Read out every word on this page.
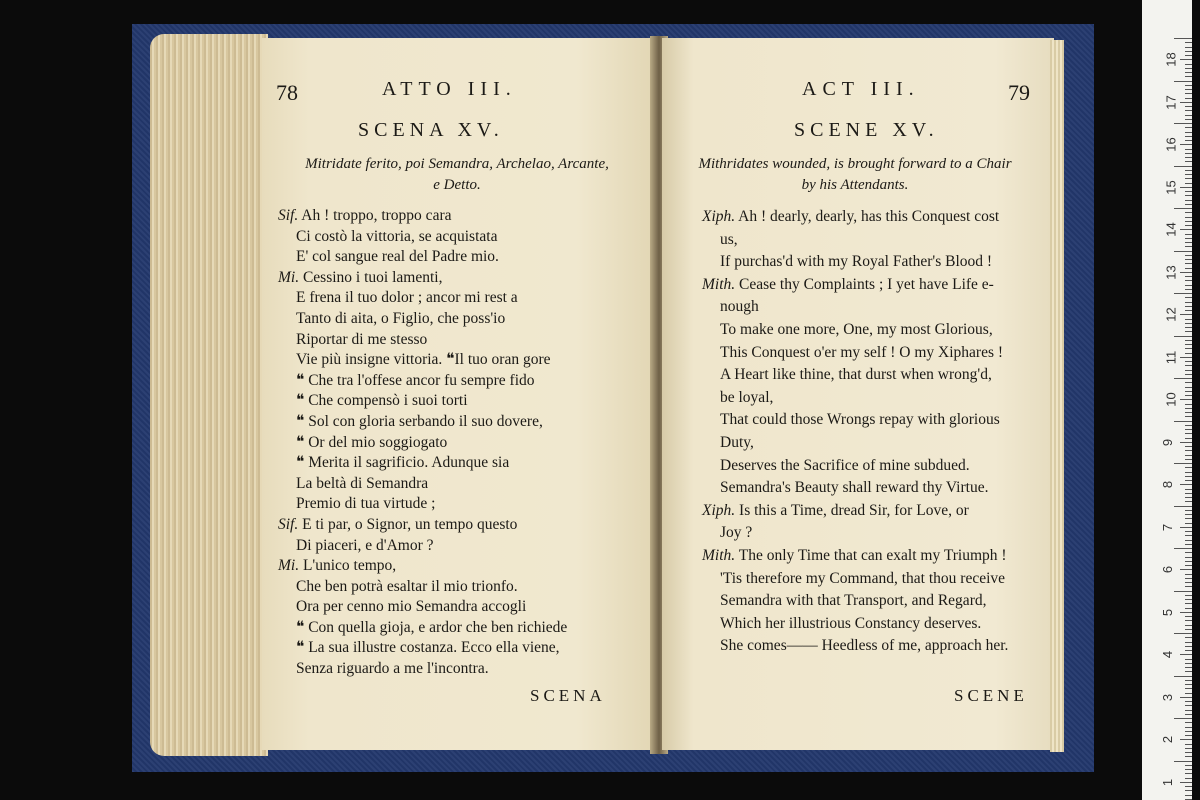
78	ATTO III.
SCENA XV.
Mitridate ferito, poi Semandra, Archelao, Arcante,
e Detto.
Sif. Ah ! troppo, troppo cara
Ci costò la vittoria, se acquistata
E' col sangue real del Padre mio.
Mi. Cessino i tuoi lamenti,
E frena il tuo dolor ; ancor mi rest a
Tanto di aita, o Figlio, che poss'io
Riportar di me stesso
Vie più insigne vittoria. ❝Il tuo oran gore
❝ Che tra l'offese ancor fu sempre fido
❝ Che compensò i suoi torti
❝ Sol con gloria serbando il suo dovere,
❝ Or del mio soggiogato
❝ Merita il sagrificio. Adunque sia
La beltà di Semandra
Premio di tua virtude ;
Sif. E ti par, o Signor, un tempo questo
Di piaceri, e d'Amor ?
Mi. L'unico tempo,
Che ben potrà esaltar il mio trionfo.
Ora per cenno mio Semandra accogli
❝ Con quella gioja, e ardor che ben richiede
❝ La sua illustre costanza. Ecco ella viene,
Senza riguardo a me l'incontra.
SCENA
ACT III.	79
SCENE XV.
Mithridates wounded, is brought forward to a Chair
by his Attendants.
Xiph. Ah ! dearly, dearly, has this Conquest cost
us,
If purchas'd with my Royal Father's Blood !
Mith. Cease thy Complaints ; I yet have Life e-
nough
To make one more, One, my most Glorious,
This Conquest o'er my self ! O my Xiphares !
A Heart like thine, that durst when wrong'd,
be loyal,
That could those Wrongs repay with glorious
Duty,
Deserves the Sacrifice of mine subdued.
Semandra's Beauty shall reward thy Virtue.
Xiph. Is this a Time, dread Sir, for Love, or
Joy ?
Mith. The only Time that can exalt my Triumph !
'Tis therefore my Command, that thou receive
Semandra with that Transport, and Regard,
Which her illustrious Constancy deserves.
She comes—— Heedless of me, approach her.
SCENE
18
17
16
15
14
13
12
11
10
9
8
7
6
5
4
3
2
1
